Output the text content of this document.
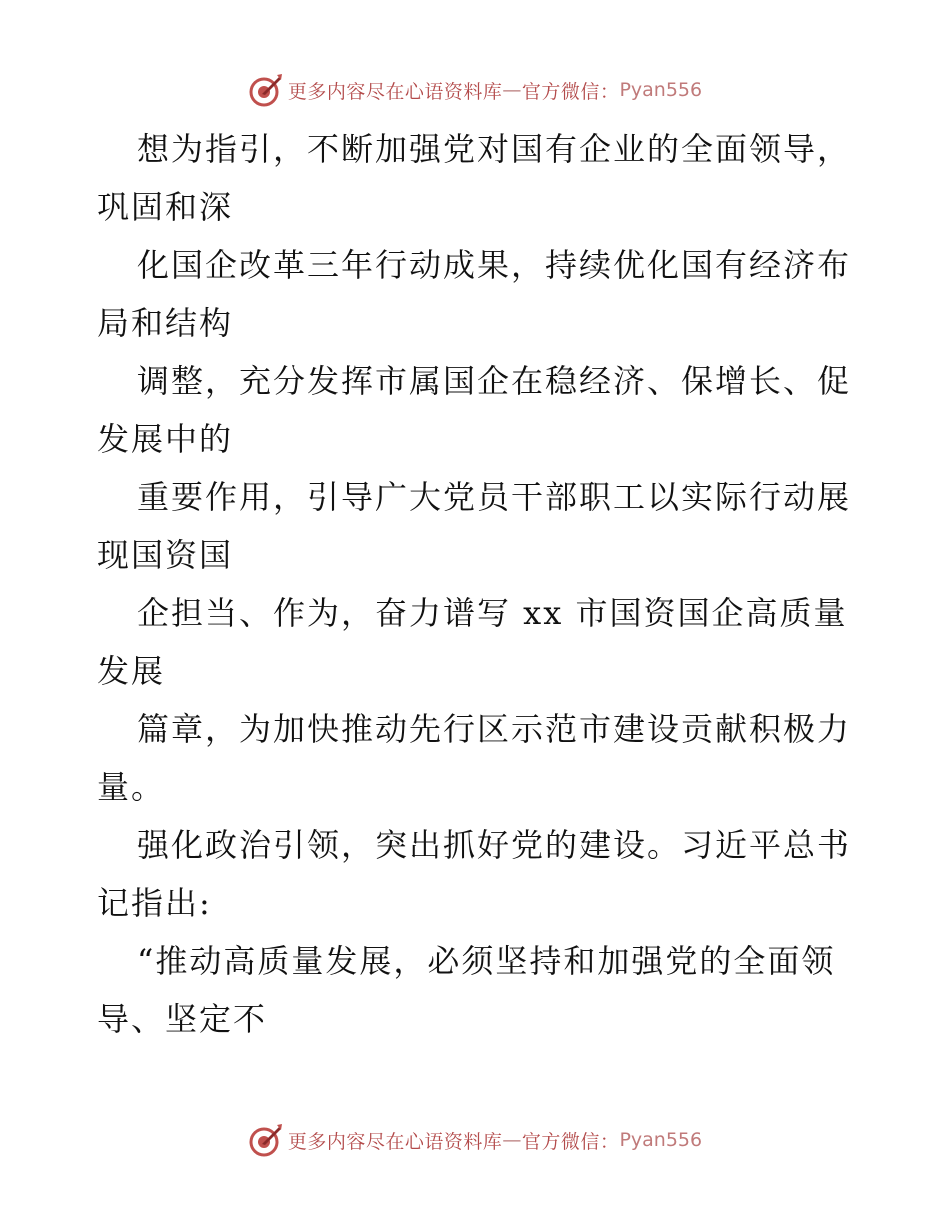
更多内容尽在心语资料库 — 官方微信： Pyan556
想为指引，不断加强党对国有企业的全面领导，
巩固和深
化国企改革三年行动成果，持续优化国有经济布
局和结构
调整，充分发挥市属国企在稳经济、保增长、促
发展中的
重要作用，引导广大党员干部职工以实际行动展
现国资国
企担当、作为，奋力谱写 xx 市国资国企高质量
发展
篇章，为加快推动先行区示范市建设贡献积极力
量。
强化政治引领，突出抓好党的建设。习近平总书
记指出:
“推动高质量发展，必须坚持和加强党的全面领
导、坚定不
更多内容尽在心语资料库 — 官方微信： Pyan556
